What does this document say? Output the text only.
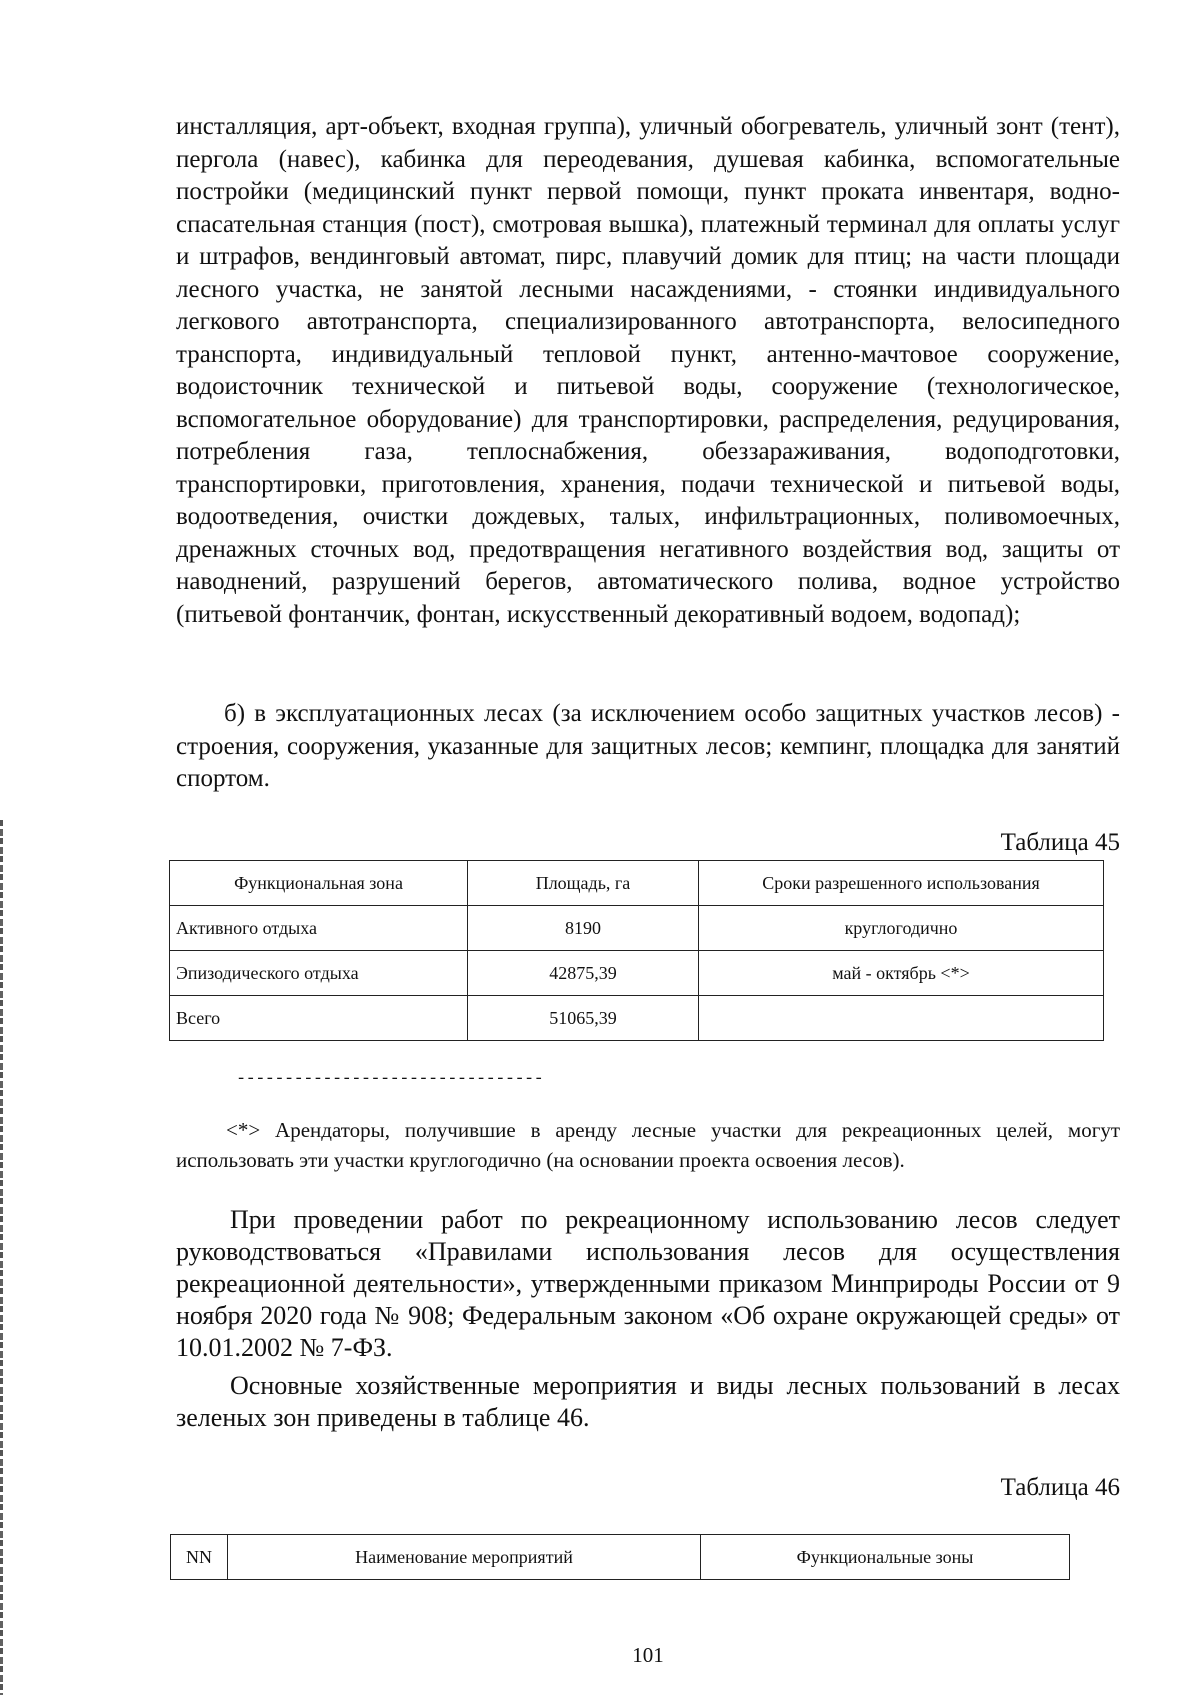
инсталляция, арт-объект, входная группа), уличный обогреватель, уличный зонт (тент), пергола (навес), кабинка для переодевания, душевая кабинка, вспомогательные постройки (медицинский пункт первой помощи, пункт проката инвентаря, водно-спасательная станция (пост), смотровая вышка), платежный терминал для оплаты услуг и штрафов, вендинговый автомат, пирс, плавучий домик для птиц; на части площади лесного участка, не занятой лесными насаждениями, - стоянки индивидуального легкового автотранспорта, специализированного автотранспорта, велосипедного транспорта, индивидуальный тепловой пункт, антенно-мачтовое сооружение, водоисточник технической и питьевой воды, сооружение (технологическое, вспомогательное оборудование) для транспортировки, распределения, редуцирования, потребления газа, теплоснабжения, обеззараживания, водоподготовки, транспортировки, приготовления, хранения, подачи технической и питьевой воды, водоотведения, очистки дождевых, талых, инфильтрационных, поливомоечных, дренажных сточных вод, предотвращения негативного воздействия вод, защиты от наводнений, разрушений берегов, автоматического полива, водное устройство (питьевой фонтанчик, фонтан, искусственный декоративный водоем, водопад);

б) в эксплуатационных лесах (за исключением особо защитных участков лесов) - строения, сооружения, указанные для защитных лесов; кемпинг, площадка для занятий спортом.

Таблица 45

Функциональная зона	Площадь, га	Сроки разрешенного использования
Активного отдыха	8190	круглогодично
Эпизодического отдыха	42875,39	май - октябрь <*>
Всего	51065,39	

--------------------------------

<*> Арендаторы, получившие в аренду лесные участки для рекреационных целей, могут использовать эти участки круглогодично (на основании проекта освоения лесов).

При проведении работ по рекреационному использованию лесов следует руководствоваться «Правилами использования лесов для осуществления рекреационной деятельности», утвержденными приказом Минприроды России от 9 ноября 2020 года № 908; Федеральным законом «Об охране окружающей среды» от 10.01.2002 № 7-ФЗ.

Основные хозяйственные мероприятия и виды лесных пользований в лесах зеленых зон приведены в таблице 46.

Таблица 46

NN	Наименование мероприятий	Функциональные зоны

101
